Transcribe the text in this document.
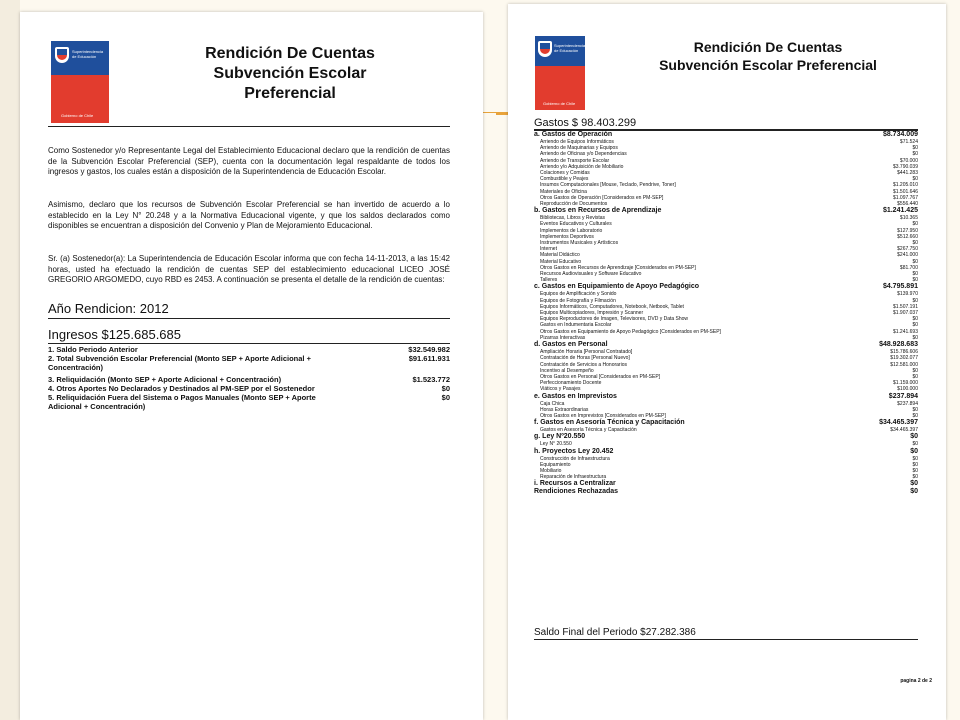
Superintendencia
de Educación
Gobierno de Chile
Rendición De Cuentas
Subvención Escolar Preferencial
Como Sostenedor y/o Representante Legal del Establecimiento Educacional declaro que la rendición de cuentas de la Subvención Escolar Preferencial (SEP), cuenta con la documentación legal respaldante de todos los ingresos y gastos, los cuales están a disposición de la Superintendencia de Educación Escolar.
Asimismo, declaro que los recursos de Subvención Escolar Preferencial se han invertido de acuerdo a lo establecido en la Ley N° 20.248 y a la Normativa Educacional vigente, y que los saldos declarados como disponibles se encuentran a disposición del Convenio y Plan de Mejoramiento Educacional.
Sr. (a) Sostenedor(a): La Superintendencia de Educación Escolar informa que con fecha 14-11-2013, a las 15:42 horas, usted ha efectuado la rendición de cuentas SEP del establecimiento educacional LICEO JOSÉ GREGORIO ARGOMEDO, cuyo RBD es 2453. A continuación se presenta el detalle de la rendición de cuentas:
Año Rendicion: 2012
Ingresos $125.685.685
1. Saldo Periodo Anterior	$32.549.982
2. Total Subvención Escolar Preferencial (Monto SEP + Aporte Adicional + Concentración)
$91.611.931
3. Reliquidación (Monto SEP + Aporte Adicional + Concentración)	$1.523.772
4. Otros Aportes No Declarados y Destinados al PM-SEP por el Sostenedor	$0
5. Reliquidación Fuera del Sistema o Pagos Manuales (Monto SEP + Aporte Adicional + Concentración)
$0
Superintendencia
de Educación
Gobierno de Chile
Rendición De Cuentas
Subvención Escolar Preferencial
Gastos $ 98.403.299
a. Gastos de Operación	$8.734.009
Arriendo de Equipos Informáticos	$71.524
Arriendo de Maquinarias y Equipos	$0
Arriendo de Oficinas y/o Dependencias	$0
Arriendo de Transporte Escolar	$70.000
Arriendo y/o Adquisición de Mobiliario	$3.790.039
Colaciones y Comidas	$441.283
Combustible y Peajes	$0
Insumos Computacionales [Mouse, Teclado, Pendrive, Toner]	$1.205.010
Materiales de Oficina	$1.501.646
Otros Gastos de Operación [Considerados en PM-SEP]	$1.097.767
Reproducción de Documentos	$556.440
b. Gastos en Recursos de Aprendizaje	$1.241.425
Bibliotecas, Libros y Revistas	$10.365
Eventos Educativos y Culturales	$0
Implementos de Laboratorio	$127.950
Implementos Deportivos	$512.660
Instrumentos Musicales y Artísticos	$0
Internet	$267.750
Material Didáctico	$241.000
Material Educativo	$0
Otros Gastos en Recursos de Aprendizaje [Considerados en PM-SEP]	$81.700
Recursos Audiovisuales y Software Educativo	$0
Talleres	$0
c. Gastos en Equipamiento de Apoyo Pedagógico	$4.795.891
Equipos de Amplificación y Sonido	$139.970
Equipos de Fotografía y Filmación	$0
Equipos Informáticos, Computadores, Notebook, Netbook, Tablet	$1.507.191
Equipos Multicopiadores, Impresión y Scanner	$1.907.037
Equipos Reproductores de Imagen, Televisores, DVD y Data Show	$0
Gastos en Indumentaria Escolar	$0
Otros Gastos en Equipamiento de Apoyo Pedagógico [Considerados en PM-SEP]	$1.241.693
Pizarras Interactivas	$0
d. Gastos en Personal	$48.928.683
Ampliación Horaria [Personal Contratado]	$15.786.606
Contratación de Horas [Personal Nuevo]	$19.302.077
Contratación de Servicios a Honorarios	$12.581.000
Incentivo al Desempeño	$0
Otros Gastos en Personal [Considerados en PM-SEP]	$0
Perfeccionamiento Docente	$1.159.000
Viáticos y Pasajes	$100.000
e. Gastos en Imprevistos	$237.894
Caja Chica	$237.894
Horas Extraordinarias	$0
Otros Gastos en Imprevistos [Considerados en PM-SEP]	$0
f. Gastos en Asesoría Técnica y Capacitación	$34.465.397
Gastos en Asesoría Técnica y Capacitación	$34.465.397
g. Ley Nº20.550	$0
Ley N° 20.550	$0
h. Proyectos Ley 20.452	$0
Construcción de Infraestructura	$0
Equipamiento	$0
Mobiliario	$0
Reparación de Infraestructura	$0
i. Recursos a Centralizar	$0
Rendiciones Rechazadas	$0
Saldo Final del Periodo $27.282.386
pagina 2 de 2
